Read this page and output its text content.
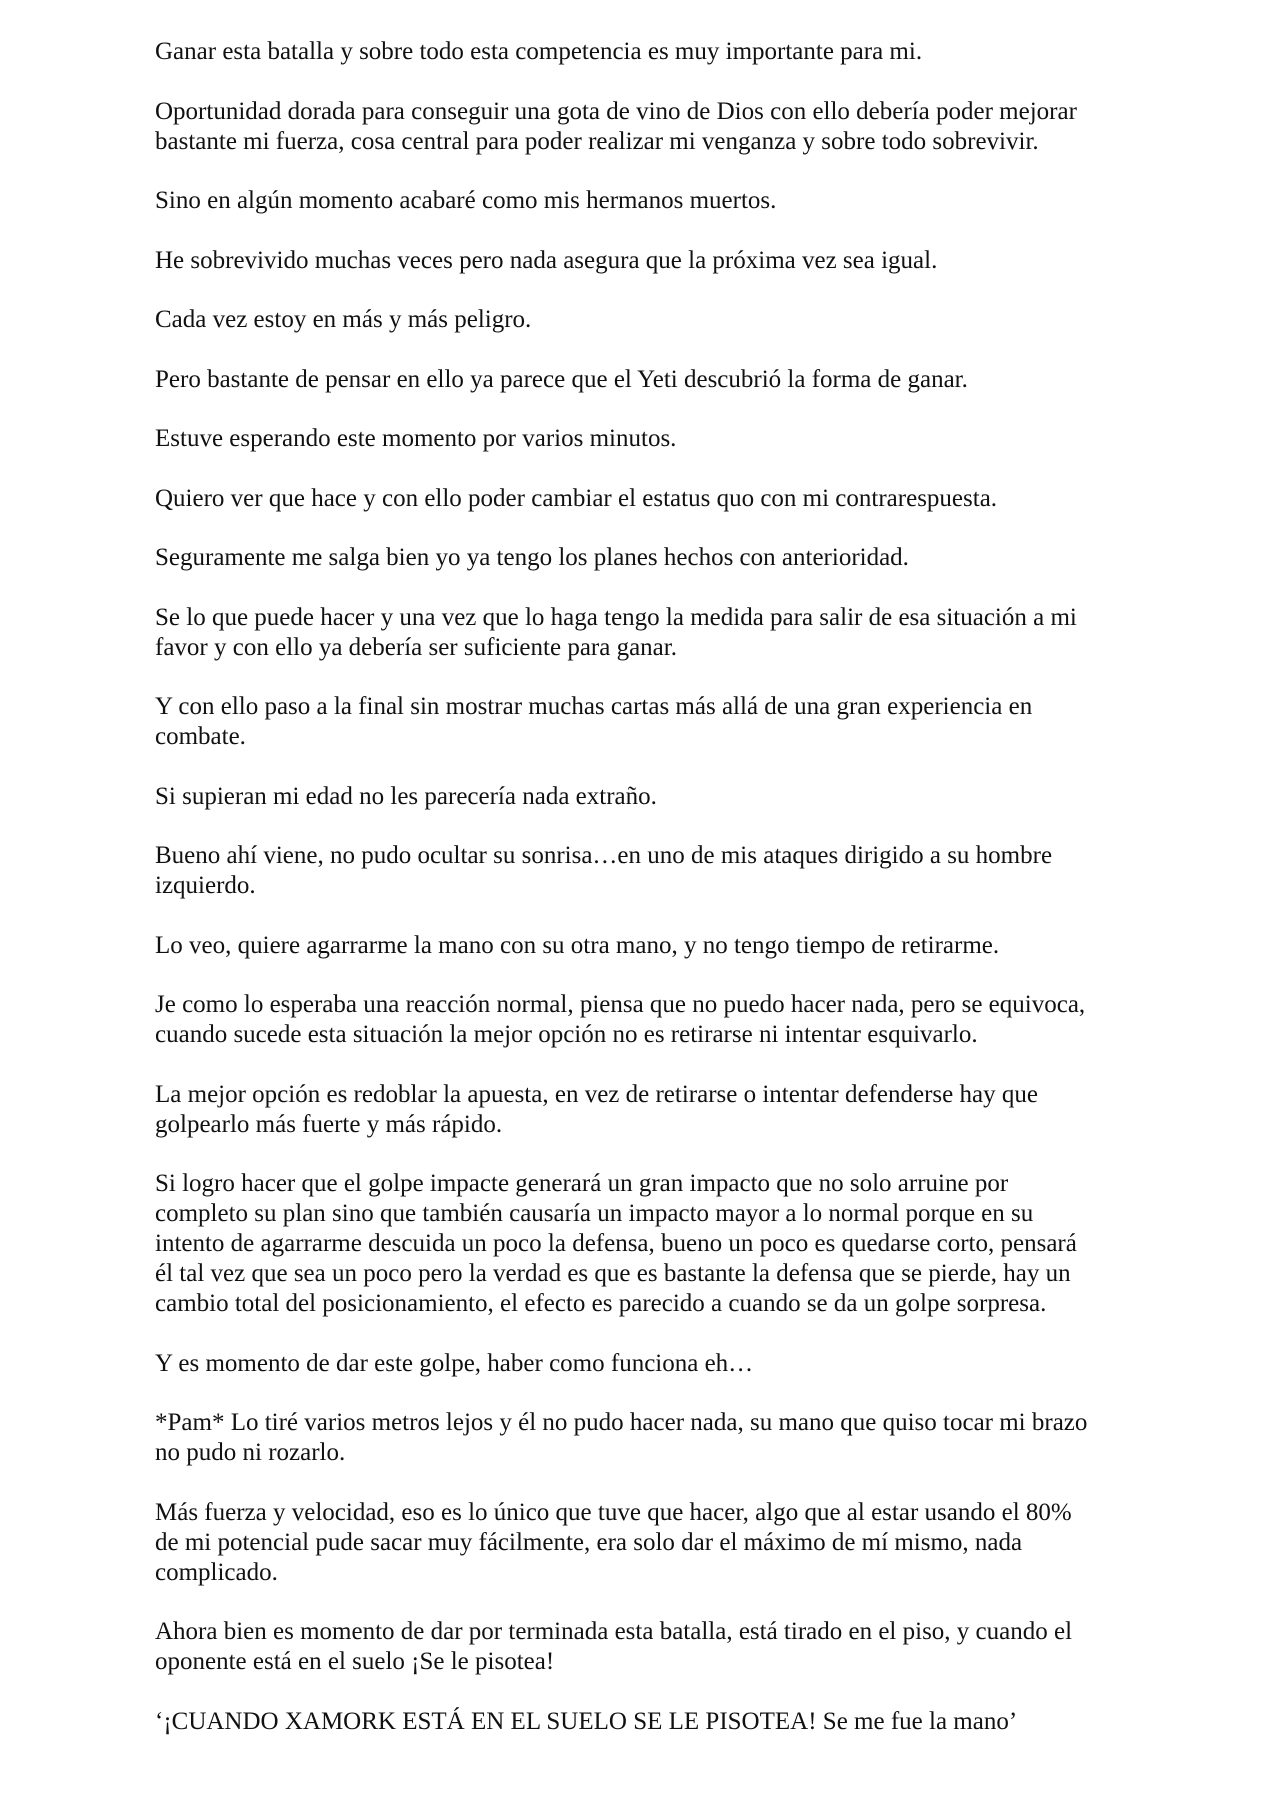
Ganar esta batalla y sobre todo esta competencia es muy importante para mi.

Oportunidad dorada para conseguir una gota de vino de Dios con ello debería poder mejorar
bastante mi fuerza, cosa central para poder realizar mi venganza y sobre todo sobrevivir.

Sino en algún momento acabaré como mis hermanos muertos.

He sobrevivido muchas veces pero nada asegura que la próxima vez sea igual.

Cada vez estoy en más y más peligro.

Pero bastante de pensar en ello ya parece que el Yeti descubrió la forma de ganar.

Estuve esperando este momento por varios minutos.

Quiero ver que hace y con ello poder cambiar el estatus quo con mi contrarespuesta.

Seguramente me salga bien yo ya tengo los planes hechos con anterioridad.

Se lo que puede hacer y una vez que lo haga tengo la medida para salir de esa situación a mi
favor y con ello ya debería ser suficiente para ganar.

Y con ello paso a la final sin mostrar muchas cartas más allá de una gran experiencia en
combate.

Si supieran mi edad no les parecería nada extraño.

Bueno ahí viene, no pudo ocultar su sonrisa…en uno de mis ataques dirigido a su hombre
izquierdo.

Lo veo, quiere agarrarme la mano con su otra mano, y no tengo tiempo de retirarme.

Je como lo esperaba una reacción normal, piensa que no puedo hacer nada, pero se equivoca,
cuando sucede esta situación la mejor opción no es retirarse ni intentar esquivarlo.

La mejor opción es redoblar la apuesta, en vez de retirarse o intentar defenderse hay que
golpearlo más fuerte y más rápido.

Si logro hacer que el golpe impacte generará un gran impacto que no solo arruine por
completo su plan sino que también causaría un impacto mayor a lo normal porque en su
intento de agarrarme descuida un poco la defensa, bueno un poco es quedarse corto, pensará
él tal vez que sea un poco pero la verdad es que es bastante la defensa que se pierde, hay un
cambio total del posicionamiento, el efecto es parecido a cuando se da un golpe sorpresa.

Y es momento de dar este golpe, haber como funciona eh…

*Pam* Lo tiré varios metros lejos y él no pudo hacer nada, su mano que quiso tocar mi brazo
no pudo ni rozarlo.

Más fuerza y velocidad, eso es lo único que tuve que hacer, algo que al estar usando el 80%
de mi potencial pude sacar muy fácilmente, era solo dar el máximo de mí mismo, nada
complicado.

Ahora bien es momento de dar por terminada esta batalla, está tirado en el piso, y cuando el
oponente está en el suelo ¡Se le pisotea!

‘¡CUANDO XAMORK ESTÁ EN EL SUELO SE LE PISOTEA! Se me fue la mano’
